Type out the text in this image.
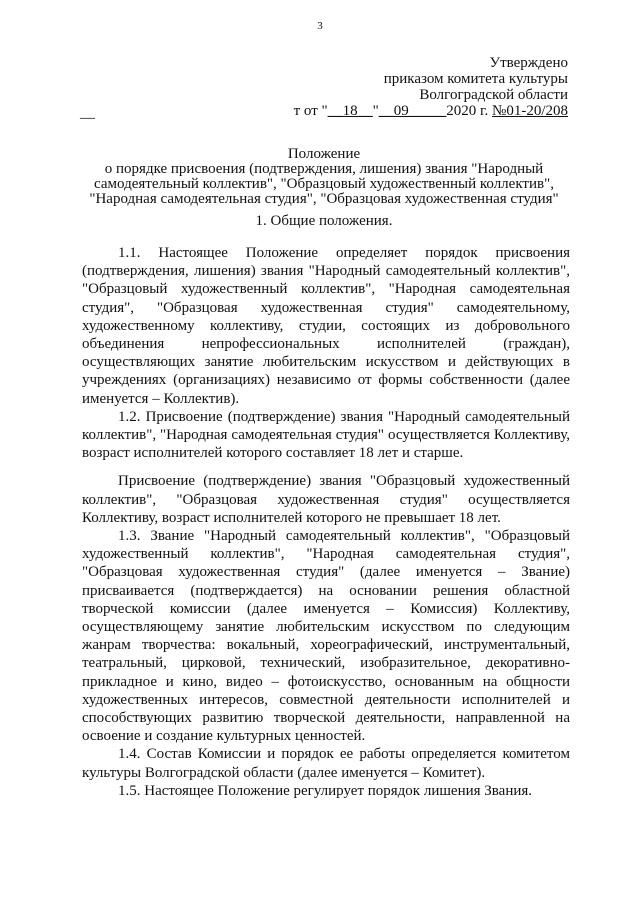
3
Утверждено
приказом комитета культуры
Волгоградской области
т от "__18__"__09_____2020 г. №01-20/208
—
Положение
о порядке присвоения (подтверждения, лишения) звания "Народный
самодеятельный коллектив", "Образцовый художественный коллектив",
"Народная самодеятельная студия", "Образцовая художественная студия"
1. Общие положения.

1.1. Настоящее Положение определяет порядок присвоения (подтверждения, лишения) звания "Народный самодеятельный коллектив", "Образцовый художественный коллектив", "Народная самодеятельная студия", "Образцовая художественная студия" самодеятельному, художественному коллективу, студии, состоящих из добровольного объединения непрофессиональных исполнителей (граждан), осуществляющих занятие любительским искусством и действующих в учреждениях (организациях) независимо от формы собственности (далее именуется – Коллектив).

1.2. Присвоение (подтверждение) звания "Народный самодеятельный коллектив", "Народная самодеятельная студия" осуществляется Коллективу, возраст исполнителей которого составляет 18 лет и старше.

Присвоение (подтверждение) звания "Образцовый художественный коллектив", "Образцовая художественная студия" осуществляется Коллективу, возраст исполнителей которого не превышает 18 лет.

1.3. Звание "Народный самодеятельный коллектив", "Образцовый художественный коллектив", "Народная самодеятельная студия", "Образцовая художественная студия" (далее именуется – Звание) присваивается (подтверждается) на основании решения областной творческой комиссии (далее именуется – Комиссия) Коллективу, осуществляющему занятие любительским искусством по следующим жанрам творчества: вокальный, хореографический, инструментальный, театральный, цирковой, технический, изобразительное, декоративно-прикладное и кино, видео – фотоискусство, основанным на общности художественных интересов, совместной деятельности исполнителей и способствующих развитию творческой деятельности, направленной на освоение и создание культурных ценностей.

1.4. Состав Комиссии и порядок ее работы определяется комитетом культуры Волгоградской области (далее именуется – Комитет).

1.5. Настоящее Положение регулирует порядок лишения Звания.
